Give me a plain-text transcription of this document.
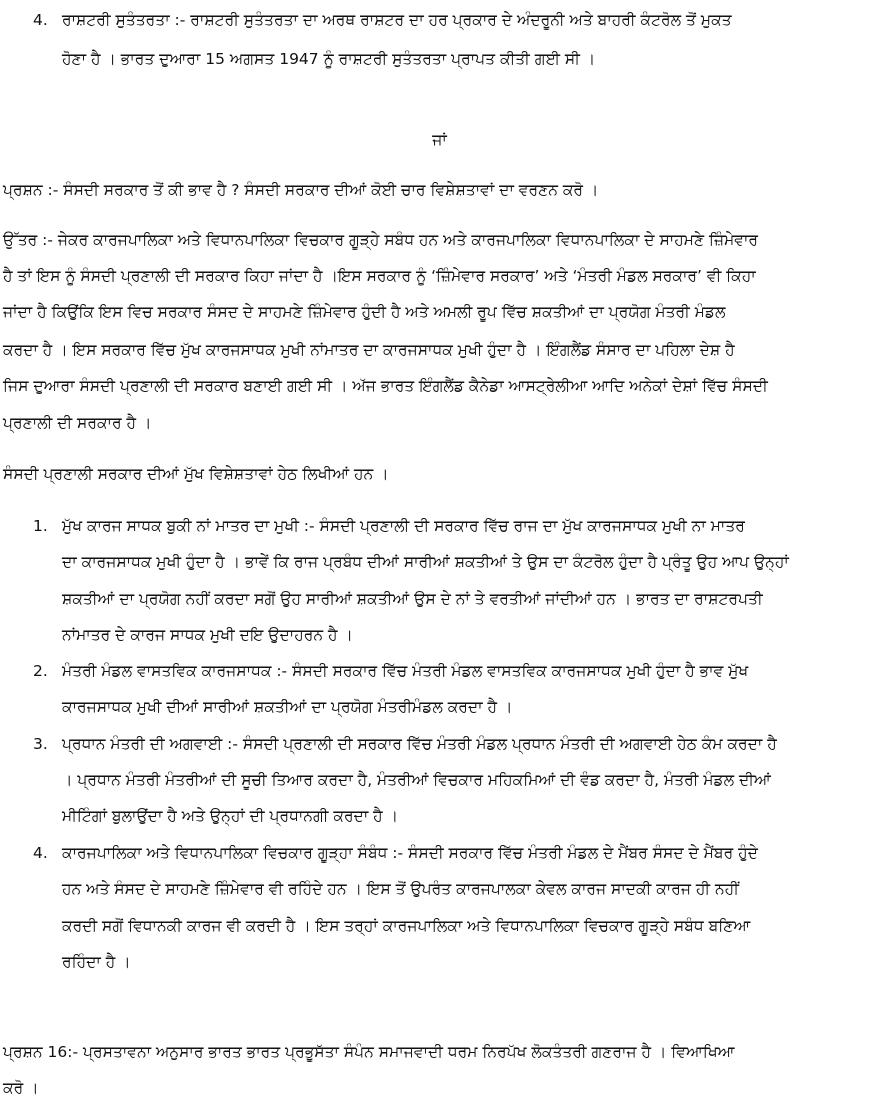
4. ਰਾਸ਼ਟਰੀ ਸੁਤੰਤਰਤਾ :- ਰਾਸ਼ਟਰੀ ਸੁਤੰਤਰਤਾ ਦਾ ਅਰਥ ਰਾਸ਼ਟਰ ਦਾ ਹਰ ਪ੍ਰਕਾਰ ਦੇ ਅੰਦਰੂਨੀ ਅਤੇ ਬਾਹਰੀ ਕੰਟਰੋਲ ਤੋਂ ਮੁਕਤ
ਹੋਣਾ ਹੈ । ਭਾਰਤ ਦੁਆਰਾ 15 ਅਗਸਤ 1947 ਨੂੰ ਰਾਸ਼ਟਰੀ ਸੁਤੰਤਰਤਾ ਪ੍ਰਾਪਤ ਕੀਤੀ ਗਈ ਸੀ ।
ਜਾਂ
ਪ੍ਰਸ਼ਨ :- ਸੰਸਦੀ ਸਰਕਾਰ ਤੋਂ ਕੀ ਭਾਵ ਹੈ ? ਸੰਸਦੀ ਸਰਕਾਰ ਦੀਆਂ ਕੋਈ ਚਾਰ ਵਿਸ਼ੇਸ਼ਤਾਵਾਂ ਦਾ ਵਰਣਨ ਕਰੋ ।
ਉੱਤਰ :- ਜੇਕਰ ਕਾਰਜਪਾਲਿਕਾ ਅਤੇ ਵਿਧਾਨਪਾਲਿਕਾ ਵਿਚਕਾਰ ਗੂੜ੍ਹੇ ਸਬੰਧ ਹਨ ਅਤੇ ਕਾਰਜਪਾਲਿਕਾ ਵਿਧਾਨਪਾਲਿਕਾ ਦੇ ਸਾਹਮਣੇ ਜ਼ਿੰਮੇਵਾਰ
ਹੈ ਤਾਂ ਇਸ ਨੂੰ ਸੰਸਦੀ ਪ੍ਰਣਾਲੀ ਦੀ ਸਰਕਾਰ ਕਿਹਾ ਜਾਂਦਾ ਹੈ ।ਇਸ ਸਰਕਾਰ ਨੂੰ ‘ਜ਼ਿੰਮੇਵਾਰ ਸਰਕਾਰ’ ਅਤੇ ‘ਮੰਤਰੀ ਮੰਡਲ ਸਰਕਾਰ’ ਵੀ ਕਿਹਾ
ਜਾਂਦਾ ਹੈ ਕਿਉਂਕਿ ਇਸ ਵਿਚ ਸਰਕਾਰ ਸੰਸਦ ਦੇ ਸਾਹਮਣੇ ਜ਼ਿੰਮੇਵਾਰ ਹੁੰਦੀ ਹੈ ਅਤੇ ਅਮਲੀ ਰੂਪ ਵਿੱਚ ਸ਼ਕਤੀਆਂ ਦਾ ਪ੍ਰਯੋਗ ਮੰਤਰੀ ਮੰਡਲ
ਕਰਦਾ ਹੈ । ਇਸ ਸਰਕਾਰ ਵਿੱਚ ਮੁੱਖ ਕਾਰਜਸਾਧਕ ਮੁਖੀ ਨਾਂਮਾਤਰ ਦਾ ਕਾਰਜਸਾਧਕ ਮੁਖੀ ਹੁੰਦਾ ਹੈ । ਇੰਗਲੈਂਡ ਸੰਸਾਰ ਦਾ ਪਹਿਲਾ ਦੇਸ਼ ਹੈ
ਜਿਸ ਦੁਆਰਾ ਸੰਸਦੀ ਪ੍ਰਣਾਲੀ ਦੀ ਸਰਕਾਰ ਬਣਾਈ ਗਈ ਸੀ । ਅੱਜ ਭਾਰਤ ਇੰਗਲੈਂਡ ਕੈਨੇਡਾ ਆਸਟ੍ਰੇਲੀਆ ਆਦਿ ਅਨੇਕਾਂ ਦੇਸ਼ਾਂ ਵਿੱਚ ਸੰਸਦੀ
ਪ੍ਰਣਾਲੀ ਦੀ ਸਰਕਾਰ ਹੈ ।
ਸੰਸਦੀ ਪ੍ਰਣਾਲੀ ਸਰਕਾਰ ਦੀਆਂ ਮੁੱਖ ਵਿਸ਼ੇਸ਼ਤਾਵਾਂ ਹੇਠ ਲਿਖੀਆਂ ਹਨ ।
1. ਮੁੱਖ ਕਾਰਜ ਸਾਧਕ ਬੁਕੀ ਨਾਂ ਮਾਤਰ ਦਾ ਮੁਖੀ :- ਸੰਸਦੀ ਪ੍ਰਣਾਲੀ ਦੀ ਸਰਕਾਰ ਵਿੱਚ ਰਾਜ ਦਾ ਮੁੱਖ ਕਾਰਜਸਾਧਕ ਮੁਖੀ ਨਾ ਮਾਤਰ
ਦਾ ਕਾਰਜਸਾਧਕ ਮੁਖੀ ਹੁੰਦਾ ਹੈ । ਭਾਵੇਂ ਕਿ ਰਾਜ ਪ੍ਰਬੰਧ ਦੀਆਂ ਸਾਰੀਆਂ ਸ਼ਕਤੀਆਂ ਤੇ ਉਸ ਦਾ ਕੰਟਰੋਲ ਹੁੰਦਾ ਹੈ ਪ੍ਰੰਤੂ ਉਹ ਆਪ ਉਨ੍ਹਾਂ
ਸ਼ਕਤੀਆਂ ਦਾ ਪ੍ਰਯੋਗ ਨਹੀਂ ਕਰਦਾ ਸਗੋਂ ਉਹ ਸਾਰੀਆਂ ਸ਼ਕਤੀਆਂ ਉਸ ਦੇ ਨਾਂ ਤੇ ਵਰਤੀਆਂ ਜਾਂਦੀਆਂ ਹਨ । ਭਾਰਤ ਦਾ ਰਾਸ਼ਟਰਪਤੀ
ਨਾਂਮਾਤਰ ਦੇ ਕਾਰਜ ਸਾਧਕ ਮੁਖੀ ਦਇ ਉਦਾਹਰਨ ਹੈ ।
2. ਮੰਤਰੀ ਮੰਡਲ ਵਾਸਤਵਿਕ ਕਾਰਜਸਾਧਕ :- ਸੰਸਦੀ ਸਰਕਾਰ ਵਿੱਚ ਮੰਤਰੀ ਮੰਡਲ ਵਾਸਤਵਿਕ ਕਾਰਜਸਾਧਕ ਮੁਖੀ ਹੁੰਦਾ ਹੈ ਭਾਵ ਮੁੱਖ
ਕਾਰਜਸਾਧਕ ਮੁਖੀ ਦੀਆਂ ਸਾਰੀਆਂ ਸ਼ਕਤੀਆਂ ਦਾ ਪ੍ਰਯੋਗ ਮੰਤਰੀਮੰਡਲ ਕਰਦਾ ਹੈ ।
3. ਪ੍ਰਧਾਨ ਮੰਤਰੀ ਦੀ ਅਗਵਾਈ :- ਸੰਸਦੀ ਪ੍ਰਣਾਲੀ ਦੀ ਸਰਕਾਰ ਵਿੱਚ ਮੰਤਰੀ ਮੰਡਲ ਪ੍ਰਧਾਨ ਮੰਤਰੀ ਦੀ ਅਗਵਾਈ ਹੇਠ ਕੰਮ ਕਰਦਾ ਹੈ
। ਪ੍ਰਧਾਨ ਮੰਤਰੀ ਮੰਤਰੀਆਂ ਦੀ ਸੂਚੀ ਤਿਆਰ ਕਰਦਾ ਹੈ, ਮੰਤਰੀਆਂ ਵਿਚਕਾਰ ਮਹਿਕਮਿਆਂ ਦੀ ਵੰਡ ਕਰਦਾ ਹੈ, ਮੰਤਰੀ ਮੰਡਲ ਦੀਆਂ
ਮੀਟਿੰਗਾਂ ਬੁਲਾਉਂਦਾ ਹੈ ਅਤੇ ਉਨ੍ਹਾਂ ਦੀ ਪ੍ਰਧਾਨਗੀ ਕਰਦਾ ਹੈ ।
4. ਕਾਰਜਪਾਲਿਕਾ ਅਤੇ ਵਿਧਾਨਪਾਲਿਕਾ ਵਿਚਕਾਰ ਗੂੜ੍ਹਾ ਸੰਬੰਧ :- ਸੰਸਦੀ ਸਰਕਾਰ ਵਿੱਚ ਮੰਤਰੀ ਮੰਡਲ ਦੇ ਮੈਂਬਰ ਸੰਸਦ ਦੇ ਮੈਂਬਰ ਹੁੰਦੇ
ਹਨ ਅਤੇ ਸੰਸਦ ਦੇ ਸਾਹਮਣੇ ਜ਼ਿੰਮੇਵਾਰ ਵੀ ਰਹਿੰਦੇ ਹਨ । ਇਸ ਤੋਂ ਉਪਰੰਤ ਕਾਰਜਪਾਲਕਾ ਕੇਵਲ ਕਾਰਜ ਸਾਦਕੀ ਕਾਰਜ ਹੀ ਨਹੀਂ
ਕਰਦੀ ਸਗੋਂ ਵਿਧਾਨਕੀ ਕਾਰਜ ਵੀ ਕਰਦੀ ਹੈ । ਇਸ ਤਰ੍ਹਾਂ ਕਾਰਜਪਾਲਿਕਾ ਅਤੇ ਵਿਧਾਨਪਾਲਿਕਾ ਵਿਚਕਾਰ ਗੂੜ੍ਹੇ ਸਬੰਧ ਬਣਿਆ
ਰਹਿੰਦਾ ਹੈ ।
ਪ੍ਰਸ਼ਨ 16:- ਪ੍ਰਸਤਾਵਨਾ ਅਨੁਸਾਰ ਭਾਰਤ ਭਾਰਤ ਪ੍ਰਭੂਸੱਤਾ ਸੰਪੰਨ ਸਮਾਜਵਾਦੀ ਧਰਮ ਨਿਰਪੱਖ ਲੋਕਤੰਤਰੀ ਗਣਰਾਜ ਹੈ । ਵਿਆਖਿਆ
ਕਰੋ ।
